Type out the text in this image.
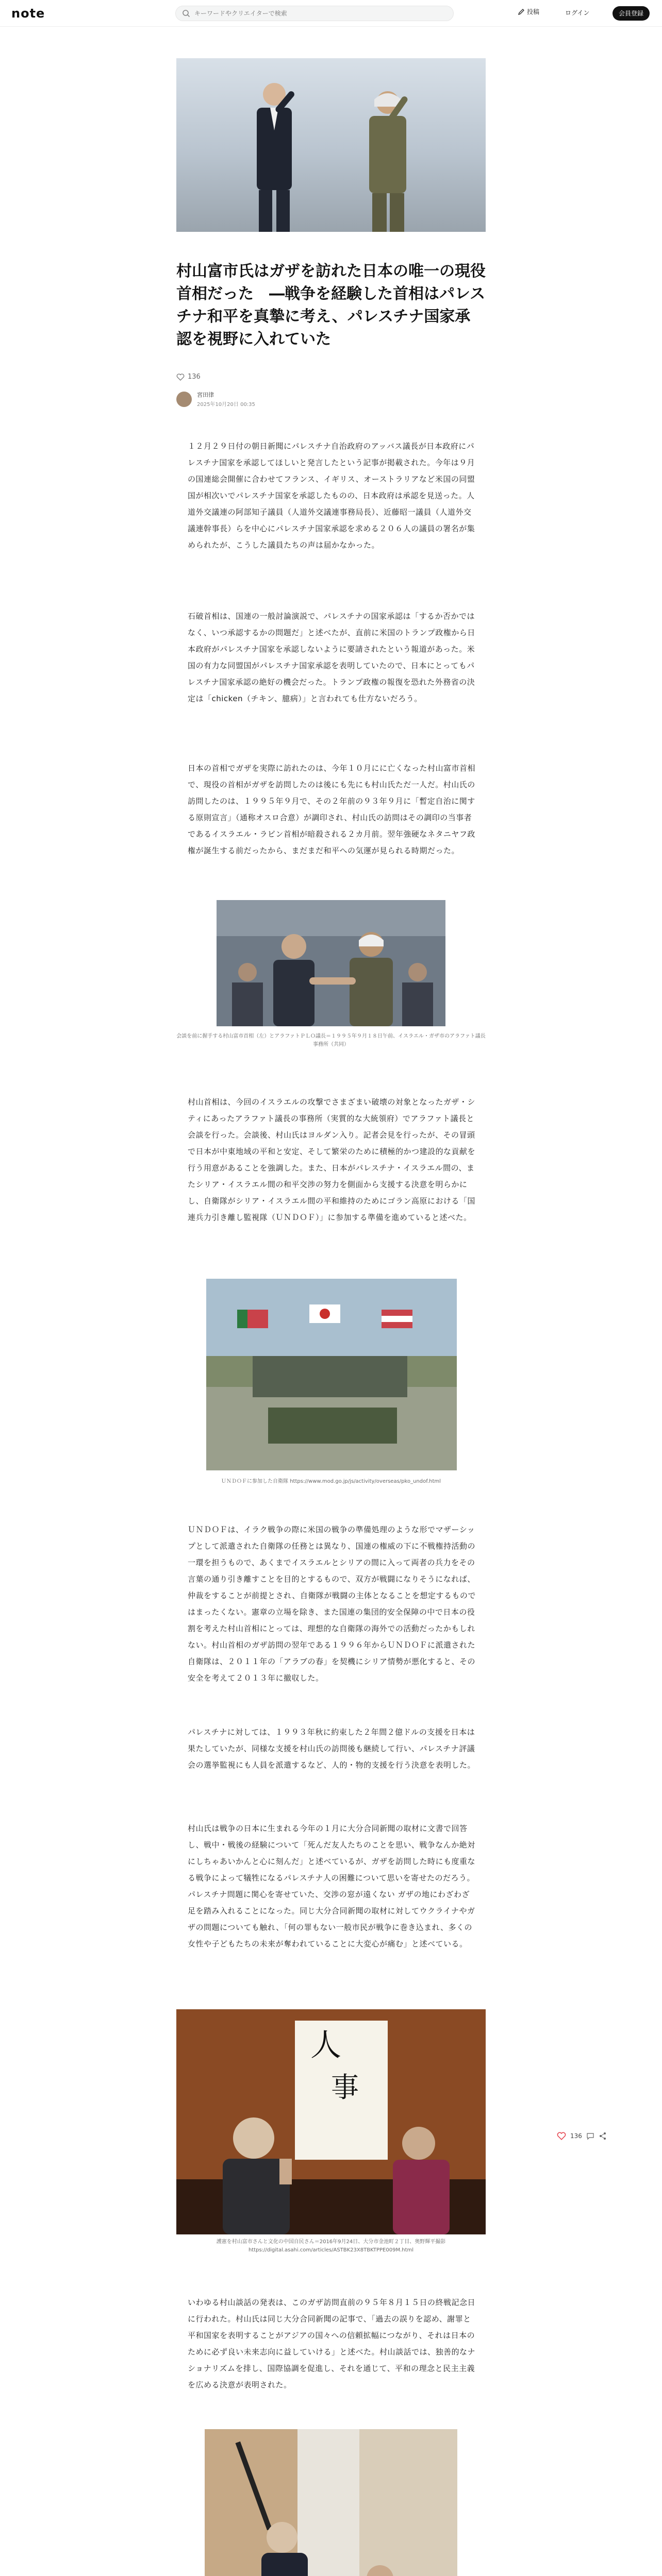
note
キーワードやクリエイターで検索	投稿	ログイン	会員登録
村山富市氏はガザを訪れた日本の唯一の現役首相だった　―戦争を経験した首相はパレスチナ和平を真摯に考え、パレスチナ国家承認を視野に入れていた
136
宮田律
2025年10月20日 00:35

１２月２９日付の朝日新聞にパレスチナ自治政府のアッバス議長が日本政府にパレスチナ国家を承認してほしいと発言したという記事が掲載された。今年は９月の国連総会開催に合わせてフランス、イギリス、オーストラリアなど米国の同盟国が相次いでパレスチナ国家を承認したものの、日本政府は承認を見送った。人道外交議連の阿部知子議員（人道外交議連事務局長）、近藤昭一議員（人道外交議連幹事長）らを中心にパレスチナ国家承認を求める２０６人の議員の署名が集められたが、こうした議員たちの声は届かなかった。

石破首相は、国連の一般討論演説で、パレスチナの国家承認は「するか否かではなく、いつ承認するかの問題だ」と述べたが、直前に米国のトランプ政権から日本政府がパレスチナ国家を承認しないように要請されたという報道があった。米国の有力な同盟国がパレスチナ国家承認を表明していたので、日本にとってもパレスチナ国家承認の絶好の機会だった。トランプ政権の報復を恐れた外務省の決定は「chicken（チキン、臆病）」と言われても仕方ないだろう。

日本の首相でガザを実際に訪れたのは、今年１０月にに亡くなった村山富市首相で、現役の首相がガザを訪問したのは後にも先にも村山氏ただ一人だ。村山氏の訪問したのは、１９９５年９月で、その２年前の９３年９月に「暫定自治に関する原則宣言」（通称オスロ合意）が調印され、村山氏の訪問はその調印の当事者であるイスラエル・ラビン首相が暗殺される２カ月前。翌年強硬なネタニヤフ政権が誕生する前だったから、まだまだ和平への気運が見られる時期だった。

会談を前に握手する村山富市首相（左）とアラファトＰＬＯ議長＝１９９５年９月１８日午前、イスラエル・ガザ市のアラファト議長事務所（共同）

村山首相は、今回のイスラエルの攻撃でさまざまい破壊の対象となったガザ・シティにあったアラファト議長の事務所（実質的な大統領府）でアラファト議長と会談を行った。会談後、村山氏はヨルダン入り。記者会見を行ったが、その冒頭で日本が中東地域の平和と安定、そして繁栄のために積極的かつ建設的な貢献を行う用意があることを強調した。また、日本がパレスチナ・イスラエル間の、またシリア・イスラエル間の和平交渉の努力を側面から支援する決意を明らかにし、自衛隊がシリア・イスラエル間の平和維持のためにゴラン高原における「国連兵力引き離し監視隊（ＵＮＤＯＦ）」に参加する準備を進めていると述べた。

ＵＮＤＯＦに参加した自衛隊 https://www.mod.go.jp/js/activity/overseas/pko_undof.html

ＵＮＤＯＦは、イラク戦争の際に米国の戦争の準備処理のような形でマザーシップとして派遣された自衛隊の任務とは異なり、国連の権威の下に不戦権持活動の一環を担うもので、あくまでイスラエルとシリアの間に入って両者の兵力をその言葉の通り引き離すことを目的とするもので、双方が戦闘になりそうになれば、仲裁をすることが前提とされ、自衛隊が戦闘の主体となることを想定するものではまったくない。憲章の立場を除き、また国連の集団的安全保障の中で日本の役割を考えた村山首相にとっては、理想的な自衛隊の海外での活動だったかもしれない。村山首相のガザ訪問の翌年である１９９６年からＵＮＤＯＦに派遣された自衛隊は、２０１１年の「アラブの春」を契機にシリア情勢が悪化すると、その安全を考えて２０１３年に撤収した。

パレスチナに対しては、１９９３年秋に約束した２年間２億ドルの支援を日本は果たしていたが、同様な支援を村山氏の訪問後も継続して行い、パレスチナ評議会の選挙監視にも人員を派遣するなど、人的・物的支援を行う決意を表明した。

村山氏は戦争の日本に生まれる今年の１月に大分合同新聞の取材に文書で回答し、戦中・戦後の経験について「死んだ友人たちのことを思い、戦争なんか絶対にしちゃあいかんと心に刻んだ」と述べているが、ガザを訪問した時にも度重なる戦争によって犠牲になるパレスチナ人の困難について思いを寄せたのだろう。パレスチナ問題に関心を寄せていた、交渉の窓が遠くない ガザの地にわざわざ足を踏み入れることになった。同じ大分合同新聞の取材に対してウクライナやガザの問題についても触れ、「何の罪もない一般市民が戦争に巻き込まれ、多くの女性や子どもたちの未来が奪われていることに大変心が痛む」と述べている。

136
人
事
護憲を村山富市さんと文化の中国自民さん＝2016年9月24日、大分市金池町２丁目、奥野輝平撮影 https://digital.asahi.com/articles/ASTBK23X8TBKTPPE009M.html

いわゆる村山談話の発表は、このガザ訪問直前の９５年８月１５日の終戦記念日に行われた。村山氏は同じ大分合同新聞の記事で、「過去の誤りを認め、謝罪と平和国家を表明することがアジアの国々への信頼拡幅につながり、それは日本のために必ず良い未来志向に益していける」と述べた。村山談話では、独善的なナショナリズムを排し、国際協調を促進し、それを通じて、平和の理念と民主主義を広める決意が表明された。
